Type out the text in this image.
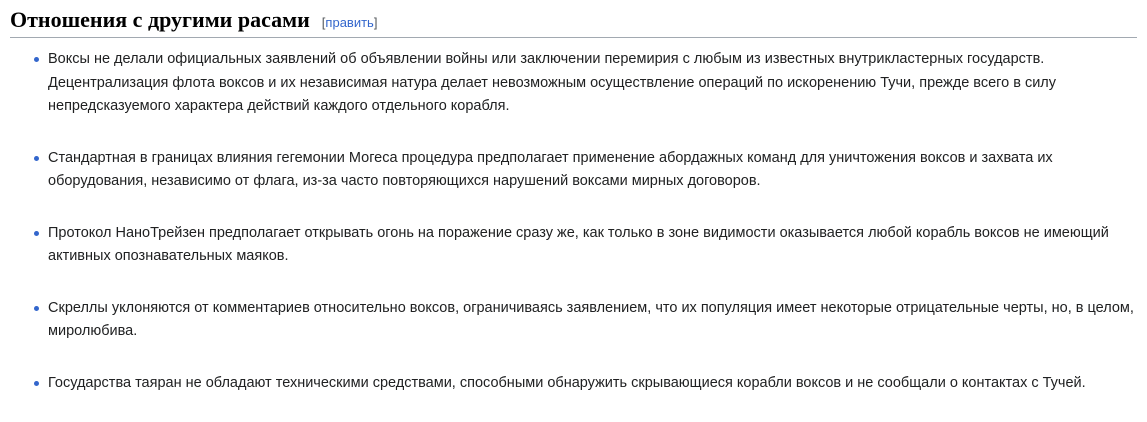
Отношения с другими расами [править]
Воксы не делали официальных заявлений об объявлении войны или заключении перемирия с любым из известных внутрикластерных государств. Децентрализация флота воксов и их независимая натура делает невозможным осуществление операций по искоренению Тучи, прежде всего в силу непредсказуемого характера действий каждого отдельного корабля.
Стандартная в границах влияния гегемонии Могеса процедура предполагает применение абордажных команд для уничтожения воксов и захвата их оборудования, независимо от флага, из-за часто повторяющихся нарушений воксами мирных договоров.
Протокол НаноТрейзен предполагает открывать огонь на поражение сразу же, как только в зоне видимости оказывается любой корабль воксов не имеющий активных опознавательных маяков.
Скреллы уклоняются от комментариев относительно воксов, ограничиваясь заявлением, что их популяция имеет некоторые отрицательные черты, но, в целом, миролюбива.
Государства таяран не обладают техническими средствами, способными обнаружить скрывающиеся корабли воксов и не сообщали о контактах с Тучей.
